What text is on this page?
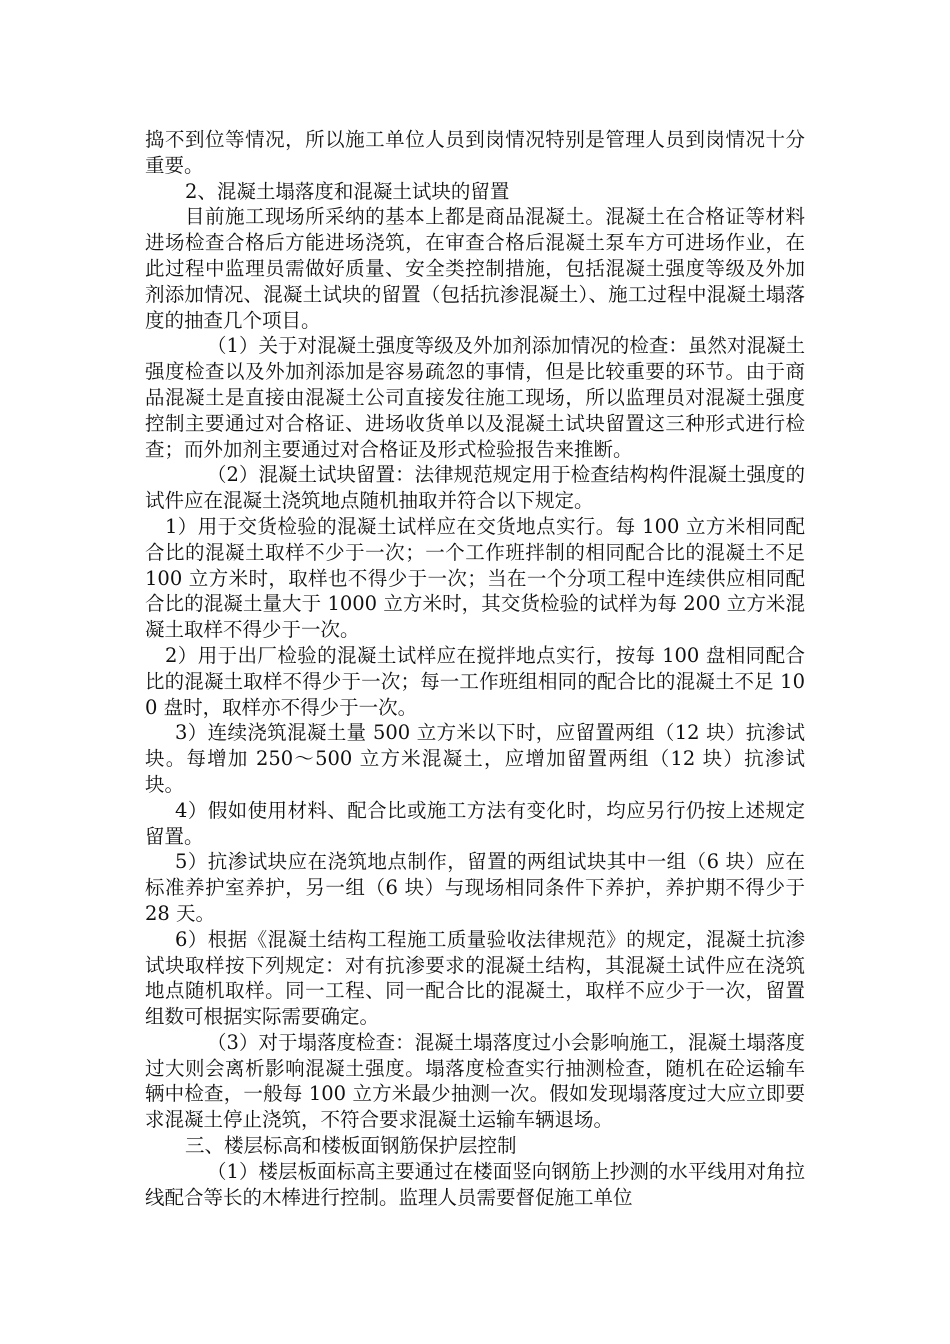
捣不到位等情况，所以施工单位人员到岗情况特别是管理人员到岗情况十分重要。

2、混凝土塌落度和混凝土试块的留置

目前施工现场所采纳的基本上都是商品混凝土。混凝土在合格证等材料进场检查合格后方能进场浇筑，在审查合格后混凝土泵车方可进场作业，在此过程中监理员需做好质量、安全类控制措施，包括混凝土强度等级及外加剂添加情况、混凝土试块的留置（包括抗渗混凝土）、施工过程中混凝土塌落度的抽查几个项目。

（1）关于对混凝土强度等级及外加剂添加情况的检查：虽然对混凝土强度检查以及外加剂添加是容易疏忽的事情，但是比较重要的环节。由于商品混凝土是直接由混凝土公司直接发往施工现场，所以监理员对混凝土强度控制主要通过对合格证、进场收货单以及混凝土试块留置这三种形式进行检查；而外加剂主要通过对合格证及形式检验报告来推断。

（2）混凝土试块留置：法律规范规定用于检查结构构件混凝土强度的试件应在混凝土浇筑地点随机抽取并符合以下规定。

1）用于交货检验的混凝土试样应在交货地点实行。每 100 立方米相同配合比的混凝土取样不少于一次；一个工作班拌制的相同配合比的混凝土不足 100 立方米时，取样也不得少于一次；当在一个分项工程中连续供应相同配合比的混凝土量大于 1000 立方米时，其交货检验的试样为每 200 立方米混凝土取样不得少于一次。

2）用于出厂检验的混凝土试样应在搅拌地点实行，按每 100 盘相同配合比的混凝土取样不得少于一次；每一工作班组相同的配合比的混凝土不足 100 盘时，取样亦不得少于一次。

3）连续浇筑混凝土量 500 立方米以下时，应留置两组（12 块）抗渗试块。每增加 250～500 立方米混凝土，应增加留置两组（12 块）抗渗试块。

4）假如使用材料、配合比或施工方法有变化时，均应另行仍按上述规定留置。

5）抗渗试块应在浇筑地点制作，留置的两组试块其中一组（6 块）应在标准养护室养护，另一组（6 块）与现场相同条件下养护，养护期不得少于 28 天。

6）根据《混凝土结构工程施工质量验收法律规范》的规定，混凝土抗渗试块取样按下列规定：对有抗渗要求的混凝土结构，其混凝土试件应在浇筑地点随机取样。同一工程、同一配合比的混凝土，取样不应少于一次，留置组数可根据实际需要确定。

（3）对于塌落度检查：混凝土塌落度过小会影响施工，混凝土塌落度过大则会离析影响混凝土强度。塌落度检查实行抽测检查，随机在砼运输车辆中检查，一般每 100 立方米最少抽测一次。假如发现塌落度过大应立即要求混凝土停止浇筑，不符合要求混凝土运输车辆退场。

三、楼层标高和楼板面钢筋保护层控制

（1）楼层板面标高主要通过在楼面竖向钢筋上抄测的水平线用对角拉线配合等长的木棒进行控制。监理人员需要督促施工单位
